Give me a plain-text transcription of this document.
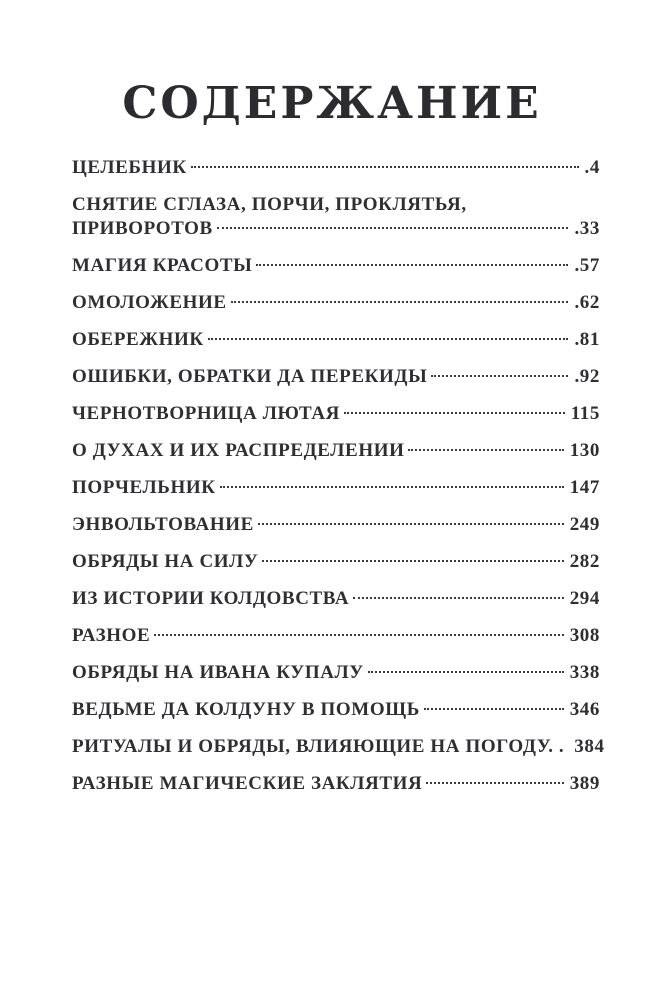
СОДЕРЖАНИЕ
ЦЕЛЕБНИК	.4
СНЯТИЕ СГЛАЗА, ПОРЧИ, ПРОКЛЯТЬЯ,
ПРИВОРОТОВ	.33
МАГИЯ КРАСОТЫ	.57
ОМОЛОЖЕНИЕ	.62
ОБЕРЕЖНИК	.81
ОШИБКИ, ОБРАТКИ ДА ПЕРЕКИДЫ	.92
ЧЕРНОТВОРНИЦА ЛЮТАЯ	115
О ДУХАХ И ИХ РАСПРЕДЕЛЕНИИ	130
ПОРЧЕЛЬНИК	147
ЭНВОЛЬТОВАНИЕ	249
ОБРЯДЫ НА СИЛУ	282
ИЗ ИСТОРИИ КОЛДОВСТВА	294
РАЗНОЕ	308
ОБРЯДЫ НА ИВАНА КУПАЛУ	338
ВЕДЬМЕ ДА КОЛДУНУ В ПОМОЩЬ	346
РИТУАЛЫ И ОБРЯДЫ, ВЛИЯЮЩИЕ НА ПОГОДУ. . 384
РАЗНЫЕ МАГИЧЕСКИЕ ЗАКЛЯТИЯ	389
